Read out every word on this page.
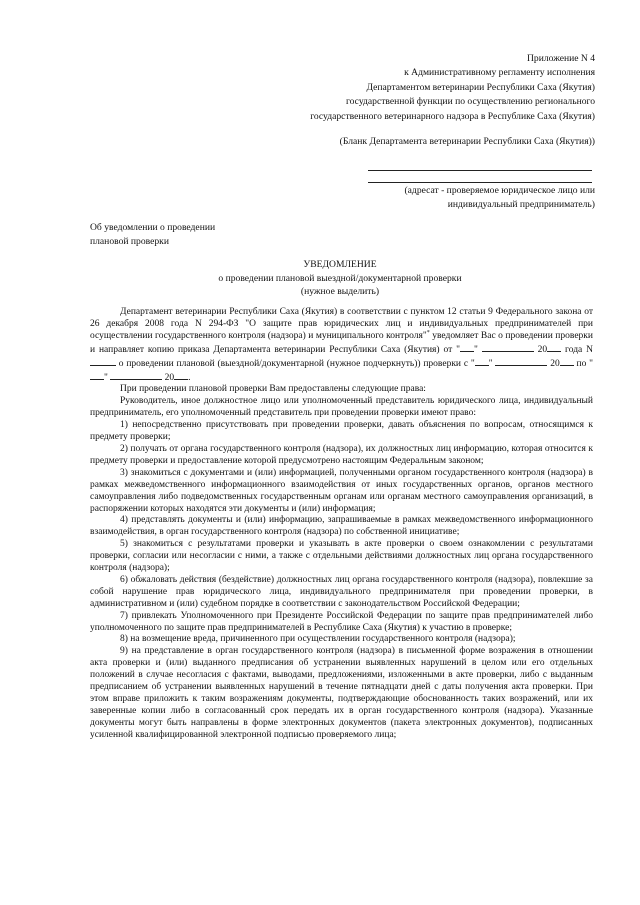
Приложение N 4
к Административному регламенту исполнения
Департаментом ветеринарии Республики Саха (Якутия)
государственной функции по осуществлению регионального
государственного ветеринарного надзора в Республике Саха (Якутия)
(Бланк Департамента ветеринарии Республики Саха (Якутия))
(адресат - проверяемое юридическое лицо или
индивидуальный предприниматель)
Об уведомлении о проведении
плановой проверки
УВЕДОМЛЕНИЕ
о проведении плановой выездной/документарной проверки
(нужное выделить)

Департамент ветеринарии Республики Саха (Якутия) в соответствии с пунктом 12 статьи 9 Федерального закона от 26 декабря 2008 года N 294-ФЗ "О защите прав юридических лиц и индивидуальных предпринимателей при осуществлении государственного контроля (надзора) и муниципального контроля"* уведомляет Вас о проведении проверки и направляет копию приказа Департамента ветеринарии Республики Саха (Якутия) от " "	20 года N  о проведении плановой (выездной/документарной (нужное подчеркнуть)) проверки с " "	20 по ""	20 .

При проведении плановой проверки Вам предоставлены следующие права:

Руководитель, иное должностное лицо или уполномоченный представитель юридического лица, индивидуальный предприниматель, его уполномоченный представитель при проведении проверки имеют право:

1) непосредственно присутствовать при проведении проверки, давать объяснения по вопросам, относящимся к предмету проверки;

2) получать от органа государственного контроля (надзора), их должностных лиц информацию, которая относится к предмету проверки и предоставление которой предусмотрено настоящим Федеральным законом;

3) знакомиться с документами и (или) информацией, полученными органом государственного контроля (надзора) в рамках межведомственного информационного взаимодействия от иных государственных органов, органов местного самоуправления либо подведомственных государственным органам или органам местного самоуправления организаций, в распоряжении которых находятся эти документы и (или) информация;

4) представлять документы и (или) информацию, запрашиваемые в рамках межведомственного информационного взаимодействия, в орган государственного контроля (надзора) по собственной инициативе;

5) знакомиться с результатами проверки и указывать в акте проверки о своем ознакомлении с результатами проверки, согласии или несогласии с ними, а также с отдельными действиями должностных лиц органа государственного контроля (надзора);

6) обжаловать действия (бездействие) должностных лиц органа государственного контроля (надзора), повлекшие за собой нарушение прав юридического лица, индивидуального предпринимателя при проведении проверки, в административном и (или) судебном порядке в соответствии с законодательством Российской Федерации;

7) привлекать Уполномоченного при Президенте Российской Федерации по защите прав предпринимателей либо уполномоченного по защите прав предпринимателей в Республике Саха (Якутия) к участию в проверке;

8) на возмещение вреда, причиненного при осуществлении государственного контроля (надзора);

9) на представление в орган государственного контроля (надзора) в письменной форме возражения в отношении акта проверки и (или) выданного предписания об устранении выявленных нарушений в целом или его отдельных положений в случае несогласия с фактами, выводами, предложениями, изложенными в акте проверки, либо с выданным предписанием об устранении выявленных нарушений в течение пятнадцати дней с даты получения акта проверки. При этом вправе приложить к таким возражениям документы, подтверждающие обоснованность таких возражений, или их заверенные копии либо в согласованный срок передать их в орган государственного контроля (надзора). Указанные документы могут быть направлены в форме электронных документов (пакета электронных документов), подписанных усиленной квалифицированной электронной подписью проверяемого лица;
